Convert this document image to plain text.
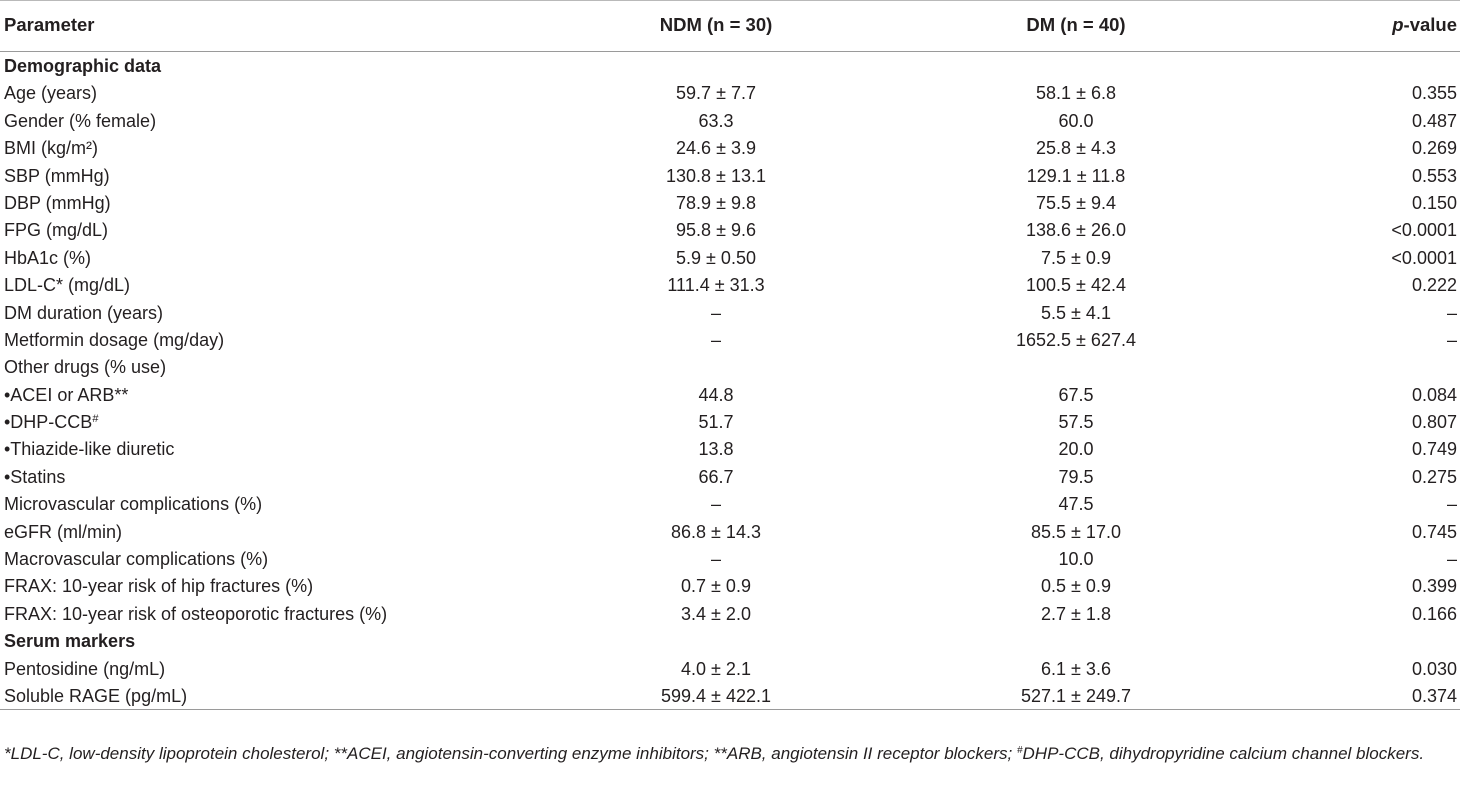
Parameter	NDM (n = 30)	DM (n = 40)	p-value
Demographic data
Age (years)	59.7 ± 7.7	58.1 ± 6.8	0.355
Gender (% female)	63.3	60.0	0.487
BMI (kg/m²)	24.6 ± 3.9	25.8 ± 4.3	0.269
SBP (mmHg)	130.8 ± 13.1	129.1 ± 11.8	0.553
DBP (mmHg)	78.9 ± 9.8	75.5 ± 9.4	0.150
FPG (mg/dL)	95.8 ± 9.6	138.6 ± 26.0	<0.0001
HbA1c (%)	5.9 ± 0.50	7.5 ± 0.9	<0.0001
LDL-C* (mg/dL)	111.4 ± 31.3	100.5 ± 42.4	0.222
DM duration (years)	–	5.5 ± 4.1	–
Metformin dosage (mg/day)	–	1652.5 ± 627.4	–
Other drugs (% use)
•ACEI or ARB**	44.8	67.5	0.084
•DHP-CCB#	51.7	57.5	0.807
•Thiazide-like diuretic	13.8	20.0	0.749
•Statins	66.7	79.5	0.275
Microvascular complications (%)	–	47.5	–
eGFR (ml/min)	86.8 ± 14.3	85.5 ± 17.0	0.745
Macrovascular complications (%)	–	10.0	–
FRAX: 10-year risk of hip fractures (%)	0.7 ± 0.9	0.5 ± 0.9	0.399
FRAX: 10-year risk of osteoporotic fractures (%)	3.4 ± 2.0	2.7 ± 1.8	0.166
Serum markers
Pentosidine (ng/mL)	4.0 ± 2.1	6.1 ± 3.6	0.030
Soluble RAGE (pg/mL)	599.4 ± 422.1	527.1 ± 249.7	0.374
*LDL-C, low-density lipoprotein cholesterol; **ACEI, angiotensin-converting enzyme inhibitors; **ARB, angiotensin II receptor blockers; #DHP-CCB, dihydropyridine calcium channel blockers.
